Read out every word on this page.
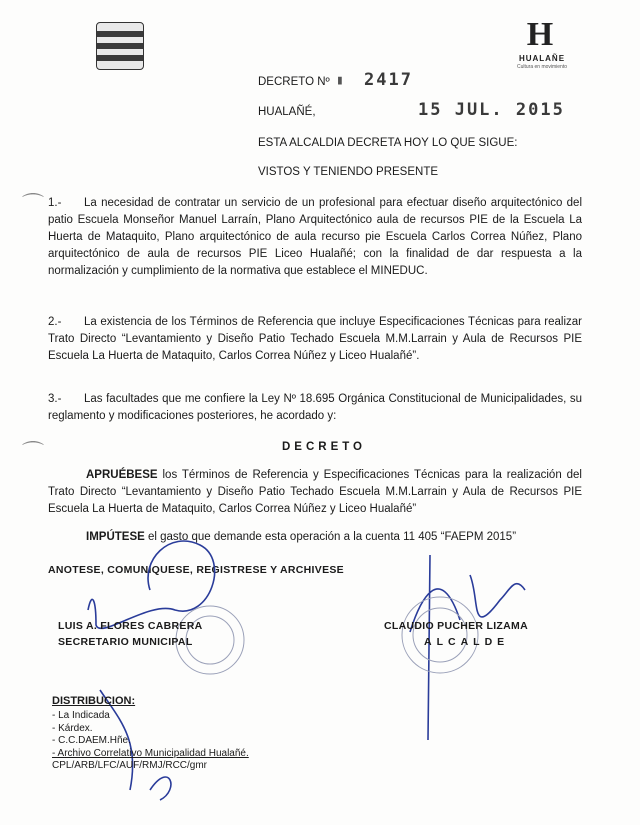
H
HUALAÑE
Cultura en movimiento
DECRETO Nº ▮ 2417
HUALAÑÉ,	15 JUL. 2015
ESTA ALCALDIA DECRETA HOY LO QUE SIGUE:
VISTOS Y TENIENDO PRESENTE
⌒
⌒
1.- La necesidad de contratar un servicio de un profesional para efectuar diseño arquitectónico del patio Escuela Monseñor Manuel Larraín, Plano Arquitectónico aula de recursos PIE de la Escuela La Huerta de Mataquito, Plano arquitectónico de aula recurso pie Escuela Carlos Correa Núñez, Plano arquitectónico de aula de recursos PIE Liceo Hualañé; con la finalidad de dar respuesta a la normalización y cumplimiento de la normativa que establece el MINEDUC.
2.- La existencia de los Términos de Referencia que incluye Especificaciones Técnicas para realizar Trato Directo “Levantamiento y Diseño Patio Techado Escuela M.M.Larrain y Aula de Recursos PIE Escuela La Huerta de Mataquito, Carlos Correa Núñez y Liceo Hualañé”.
3.- Las facultades que me confiere la Ley Nº 18.695 Orgánica Constitucional de Municipalidades, su reglamento y modificaciones posteriores, he acordado y:
DECRETO
APRUÉBESE los Términos de Referencia y Especificaciones Técnicas para la realización del Trato Directo “Levantamiento y Diseño Patio Techado Escuela M.M.Larrain y Aula de Recursos PIE Escuela La Huerta de Mataquito, Carlos Correa Núñez y Liceo Hualañé”
IMPÚTESE el gasto que demande esta operación a la cuenta 11 405 “FAEPM 2015”
ANOTESE, COMUNIQUESE, REGISTRESE Y ARCHIVESE
LUIS A. FLORES CABRERA
SECRETARIO MUNICIPAL
CLAUDIO PUCHER LIZAMA
ALCALDE
DISTRIBUCION:
- La Indicada
- Kárdex.
- C.C.DAEM.Hñe.
- Archivo Correlativo Municipalidad Hualañé.
CPL/ARB/LFC/AUF/RMJ/RCC/gmr
